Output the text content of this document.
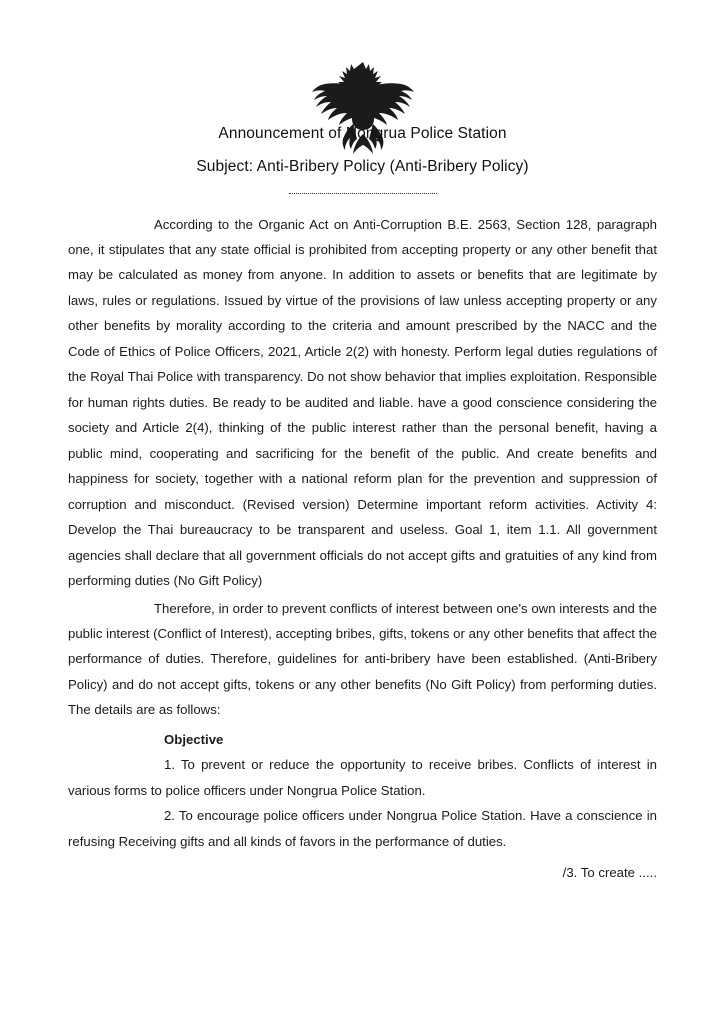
Announcement of Nongrua Police Station
Subject: Anti-Bribery Policy (Anti-Bribery Policy)

According to the Organic Act on Anti-Corruption B.E. 2563, Section 128, paragraph one, it stipulates that any state official is prohibited from accepting property or any other benefit that may be calculated as money from anyone. In addition to assets or benefits that are legitimate by laws, rules or regulations. Issued by virtue of the provisions of law unless accepting property or any other benefits by morality according to the criteria and amount prescribed by the NACC and the Code of Ethics of Police Officers, 2021, Article 2(2) with honesty. Perform legal duties regulations of the Royal Thai Police with transparency. Do not show behavior that implies exploitation. Responsible for human rights duties. Be ready to be audited and liable. have a good conscience considering the society and Article 2(4), thinking of the public interest rather than the personal benefit, having a public mind, cooperating and sacrificing for the benefit of the public. And create benefits and happiness for society, together with a national reform plan for the prevention and suppression of corruption and misconduct. (Revised version) Determine important reform activities. Activity 4: Develop the Thai bureaucracy to be transparent and useless. Goal 1, item 1.1. All government agencies shall declare that all government officials do not accept gifts and gratuities of any kind from performing duties (No Gift Policy)

Therefore, in order to prevent conflicts of interest between one's own interests and the public interest (Conflict of Interest), accepting bribes, gifts, tokens or any other benefits that affect the performance of duties. Therefore, guidelines for anti-bribery have been established. (Anti-Bribery Policy) and do not accept gifts, tokens or any other benefits (No Gift Policy) from performing duties. The details are as follows:

Objective

1. To prevent or reduce the opportunity to receive bribes. Conflicts of interest in various forms to police officers under Nongrua Police Station.

2. To encourage police officers under Nongrua Police Station. Have a conscience in refusing Receiving gifts and all kinds of favors in the performance of duties.

/3. To create .....
